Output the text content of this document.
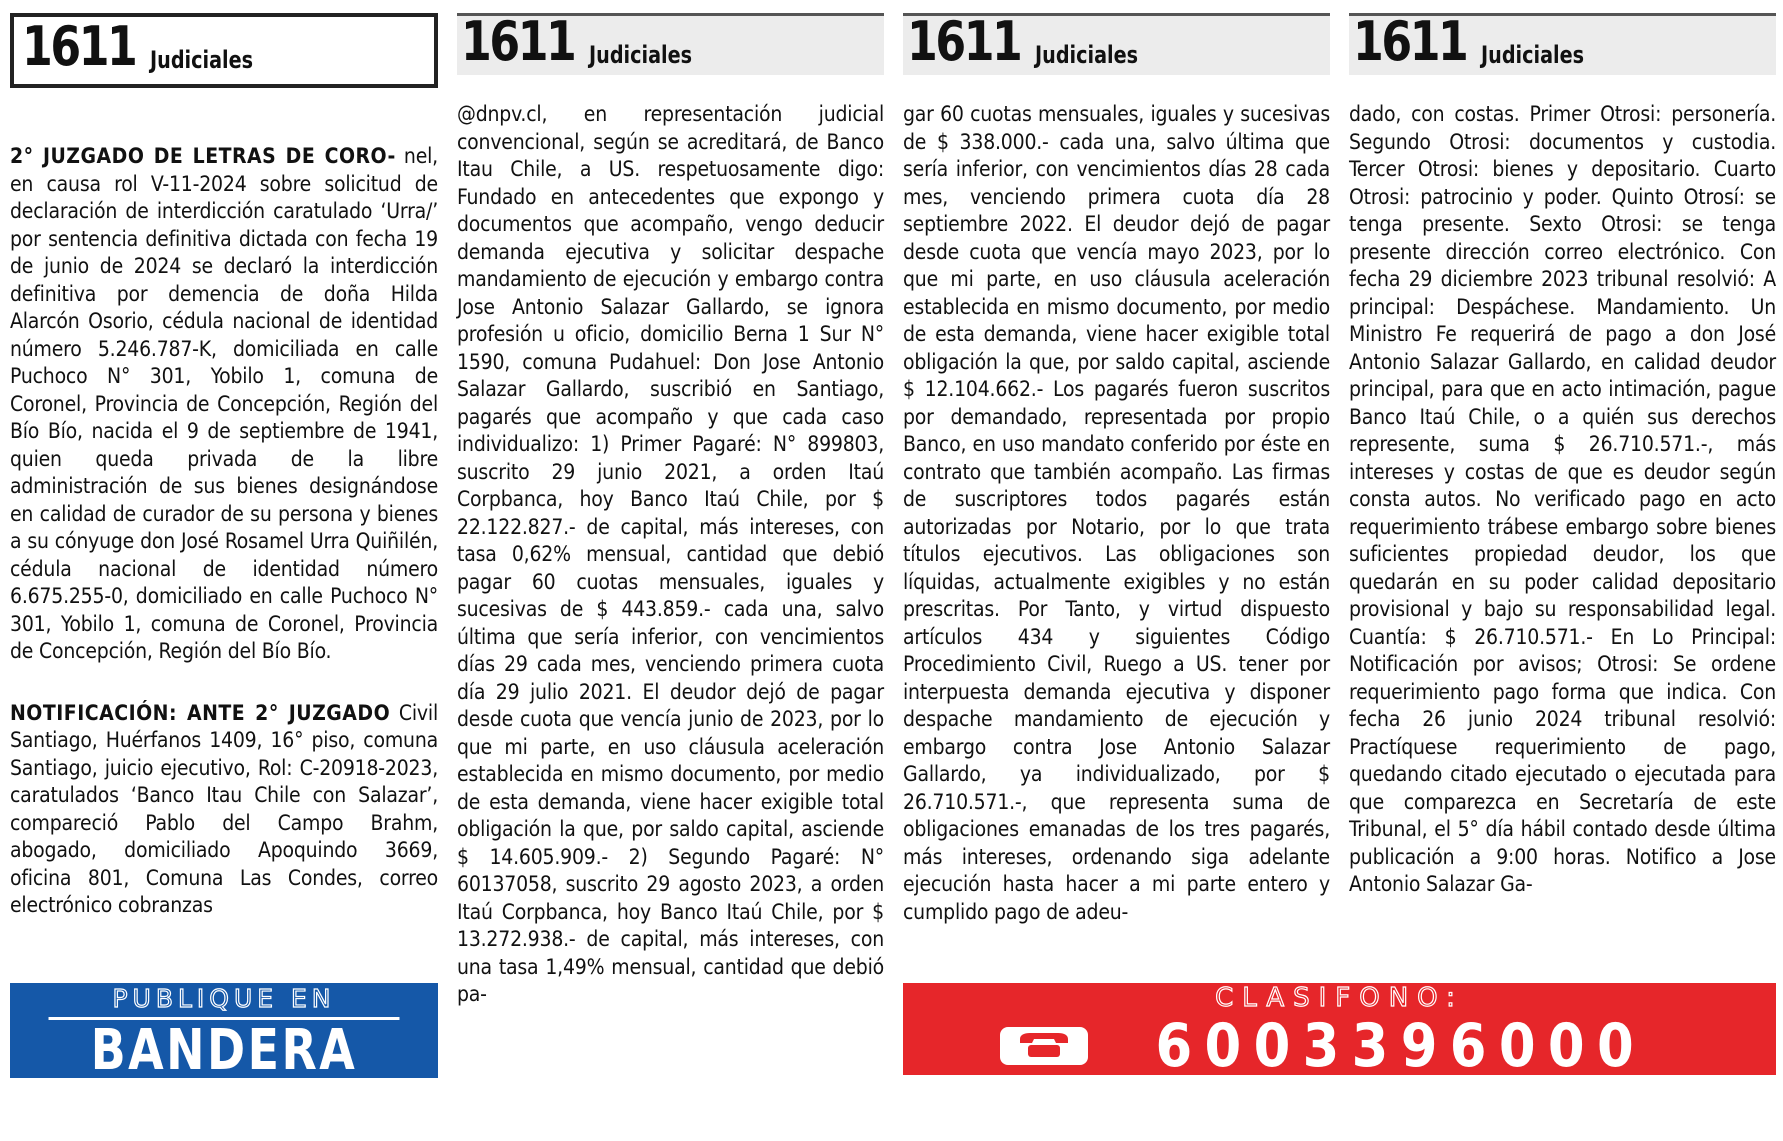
1611 Judiciales	1611 Judiciales	1611 Judiciales	1611 Judiciales

2° JUZGADO DE LETRAS DE CORO- nel, en causa rol V-11-2024 sobre solicitud de declaración de interdicción caratulado ‘Urra/’ por sentencia definitiva dictada con fecha 19 de junio de 2024 se declaró la interdicción definitiva por demencia de doña Hilda Alarcón Osorio, cédula nacional de identidad número 5.246.787-K, domiciliada en calle Puchoco N° 301, Yobilo 1, comuna de Coronel, Provincia de Concepción, Región del Bío Bío, nacida el 9 de septiembre de 1941, quien queda privada de la libre administración de sus bienes designándose en calidad de curador de su persona y bienes a su cónyuge don José Rosamel Urra Quiñilén, cédula nacional de identidad número 6.675.255-0, domiciliado en calle Puchoco N° 301, Yobilo 1, comuna de Coronel, Provincia de Concepción, Región del Bío Bío.

NOTIFICACIÓN: ANTE 2° JUZGADO Civil Santiago, Huérfanos 1409, 16° piso, comuna Santiago, juicio ejecutivo, Rol: C-20918-2023, caratulados ‘Banco Itau Chile con Salazar’, compareció Pablo del Campo Brahm, abogado, domiciliado Apoquindo 3669, oficina 801, Comuna Las Condes, correo electrónico cobranzas

@dnpv.cl, en representación judicial convencional, según se acreditará, de Banco Itau Chile, a US. respetuosamente digo: Fundado en antecedentes que expongo y documentos que acompaño, vengo deducir demanda ejecutiva y solicitar despache mandamiento de ejecución y embargo contra Jose Antonio Salazar Gallardo, se ignora profesión u oficio, domicilio Berna 1 Sur N° 1590, comuna Pudahuel: Don Jose Antonio Salazar Gallardo, suscribió en Santiago, pagarés que acompaño y que cada caso individualizo: 1) Primer Pagaré: N° 899803, suscrito 29 junio 2021, a orden Itaú Corpbanca, hoy Banco Itaú Chile, por $ 22.122.827.- de capital, más intereses, con tasa 0,62% mensual, cantidad que debió pagar 60 cuotas mensuales, iguales y sucesivas de $ 443.859.- cada una, salvo última que sería inferior, con vencimientos días 29 cada mes, venciendo primera cuota día 29 julio 2021. El deudor dejó de pagar desde cuota que vencía junio de 2023, por lo que mi parte, en uso cláusula aceleración establecida en mismo documento, por medio de esta demanda, viene hacer exigible total obligación la que, por saldo capital, asciende $ 14.605.909.- 2) Segundo Pagaré: N° 60137058, suscrito 29 agosto 2023, a orden Itaú Corpbanca, hoy Banco Itaú Chile, por $ 13.272.938.- de capital, más intereses, con una tasa 1,49% mensual, cantidad que debió pa-

gar 60 cuotas mensuales, iguales y sucesivas de $ 338.000.- cada una, salvo última que sería inferior, con vencimientos días 28 cada mes, venciendo primera cuota día 28 septiembre 2022. El deudor dejó de pagar desde cuota que vencía mayo 2023, por lo que mi parte, en uso cláusula aceleración establecida en mismo documento, por medio de esta demanda, viene hacer exigible total obligación la que, por saldo capital, asciende $ 12.104.662.- Los pagarés fueron suscritos por demandado, representada por propio Banco, en uso mandato conferido por éste en contrato que también acompaño. Las firmas de suscriptores todos pagarés están autorizadas por Notario, por lo que trata títulos ejecutivos. Las obligaciones son líquidas, actualmente exigibles y no están prescritas. Por Tanto, y virtud dispuesto artículos 434 y siguientes Código Procedimiento Civil, Ruego a US. tener por interpuesta demanda ejecutiva y disponer despache mandamiento de ejecución y embargo contra Jose Antonio Salazar Gallardo, ya individualizado, por $ 26.710.571.-, que representa suma de obligaciones emanadas de los tres pagarés, más intereses, ordenando siga adelante ejecución hasta hacer a mi parte entero y cumplido pago de adeu-

dado, con costas. Primer Otrosi: personería. Segundo Otrosi: documentos y custodia. Tercer Otrosi: bienes y depositario. Cuarto Otrosi: patrocinio y poder. Quinto Otrosí: se tenga presente. Sexto Otrosi: se tenga presente dirección correo electrónico. Con fecha 29 diciembre 2023 tribunal resolvió: A principal: Despáchese. Mandamiento. Un Ministro Fe requerirá de pago a don José Antonio Salazar Gallardo, en calidad deudor principal, para que en acto intimación, pague Banco Itaú Chile, o a quién sus derechos represente, suma $ 26.710.571.-, más intereses y costas de que es deudor según consta autos. No verificado pago en acto requerimiento trábese embargo sobre bienes suficientes propiedad deudor, los que quedarán en su poder calidad depositario provisional y bajo su responsabilidad legal. Cuantía: $ 26.710.571.- En Lo Principal: Notificación por avisos; Otrosi: Se ordene requerimiento pago forma que indica. Con fecha 26 junio 2024 tribunal resolvió: Practíquese requerimiento de pago, quedando citado ejecutado o ejecutada para que comparezca en Secretaría de este Tribunal, el 5° día hábil contado desde última publicación a 9:00 horas. Notifico a Jose Antonio Salazar Ga-

PUBLIQUE EN
BANDERA N° 331
CLASIFONO:
6003396000
